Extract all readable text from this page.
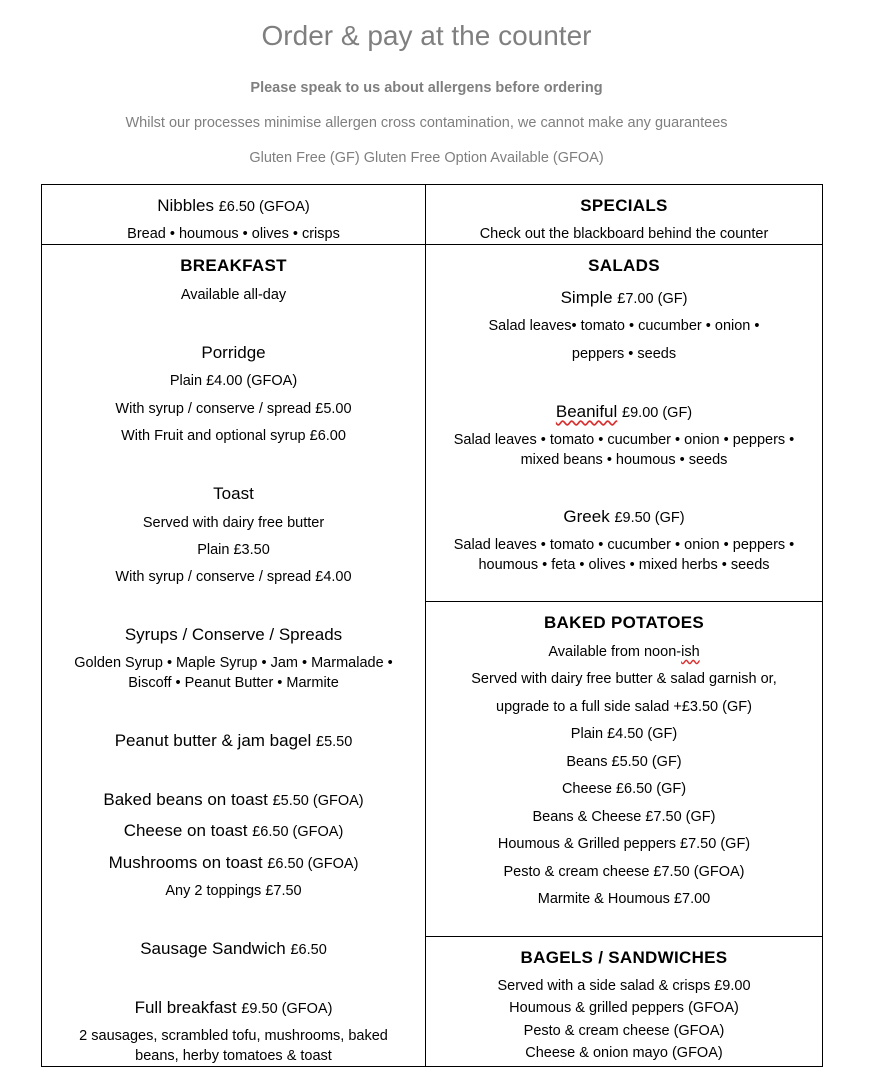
Order & pay at the counter
Please speak to us about allergens before ordering
Whilst our processes minimise allergen cross contamination, we cannot make any guarantees
Gluten Free (GF) Gluten Free Option Available (GFOA)
Nibbles £6.50 (GFOA)
Bread • houmous • olives • crisps
SPECIALS
Check out the blackboard behind the counter
BREAKFAST
Available all-day
Porridge
Plain £4.00 (GFOA)
With syrup / conserve / spread £5.00
With Fruit and optional syrup £6.00
Toast
Served with dairy free butter
Plain £3.50
With syrup / conserve / spread £4.00
Syrups / Conserve / Spreads
Golden Syrup • Maple Syrup • Jam • Marmalade •
Biscoff • Peanut Butter • Marmite
Peanut butter & jam bagel £5.50
Baked beans on toast £5.50 (GFOA)
Cheese on toast £6.50 (GFOA)
Mushrooms on toast £6.50 (GFOA)
Any 2 toppings £7.50
Sausage Sandwich £6.50
Full breakfast £9.50 (GFOA)
2 sausages, scrambled tofu, mushrooms, baked
beans, herby tomatoes & toast
SALADS
Simple £7.00 (GF)
Salad leaves• tomato • cucumber • onion •
peppers • seeds
Beaniful £9.00 (GF)
Salad leaves • tomato • cucumber • onion • peppers •
mixed beans • houmous • seeds
Greek £9.50 (GF)
Salad leaves • tomato • cucumber • onion • peppers •
houmous • feta • olives • mixed herbs • seeds
BAKED POTATOES
Available from noon-ish
Served with dairy free butter & salad garnish or,
upgrade to a full side salad +£3.50 (GF)
Plain £4.50 (GF)
Beans £5.50 (GF)
Cheese £6.50 (GF)
Beans & Cheese £7.50 (GF)
Houmous & Grilled peppers £7.50 (GF)
Pesto & cream cheese £7.50 (GFOA)
Marmite & Houmous £7.00
BAGELS / SANDWICHES
Served with a side salad & crisps £9.00
Houmous & grilled peppers (GFOA)
Pesto & cream cheese (GFOA)
Cheese & onion mayo (GFOA)
